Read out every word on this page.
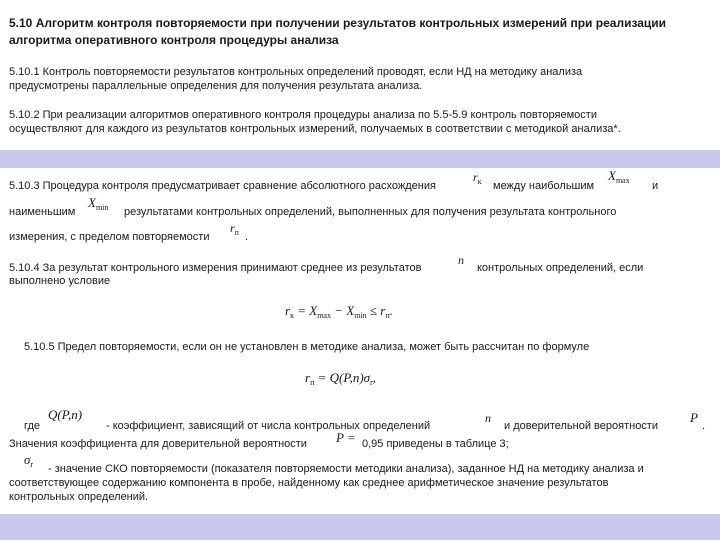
5.10 Алгоритм контроля повторяемости при получении результатов контрольных измерений при реализации
алгоритма оперативного контроля процедуры анализа
5.10.1 Контроль повторяемости результатов контрольных определений проводят, если НД на методику анализа
предусмотрены параллельные определения для получения результата анализа.
5.10.2 При реализации алгоритмов оперативного контроля процедуры анализа по 5.5-5.9 контроль повторяемости
осуществляют для каждого из результатов контрольных измерений, получаемых в соответствии с методикой анализа*.
5.10.3 Процедура контроля предусматривает сравнение абсолютного расхождения
$r_к$ между наибольшим
$X_{max}$ и
наименьшим
$X_{min}$ результатами контрольных определений, выполненных для получения результата контрольного
измерения, с пределом повторяемости
$r_п$ .
5.10.4 За результат контрольного измерения принимают среднее из результатов
n
контрольных определений, если
выполнено условие
$r_к = X_{max} - X_{min} \le r_п$.
5.10.5 Предел повторяемости, если он не установлен в методике анализа, может быть рассчитан по формуле
$r_п = Q(P,n)\sigma_r$,
где
Q(P,n)
- коэффициент, зависящий от числа контрольных определений
n
и доверительной вероятности
P
.
Значения коэффициента для доверительной вероятности P = 0,95 приведены в таблице 3;
$\sigma_r$ - значение СКО повторяемости (показателя повторяемости методики анализа), заданное НД на методику анализа и
соответствующее содержанию компонента в пробе, найденному как среднее арифметическое значение результатов
контрольных определений.
